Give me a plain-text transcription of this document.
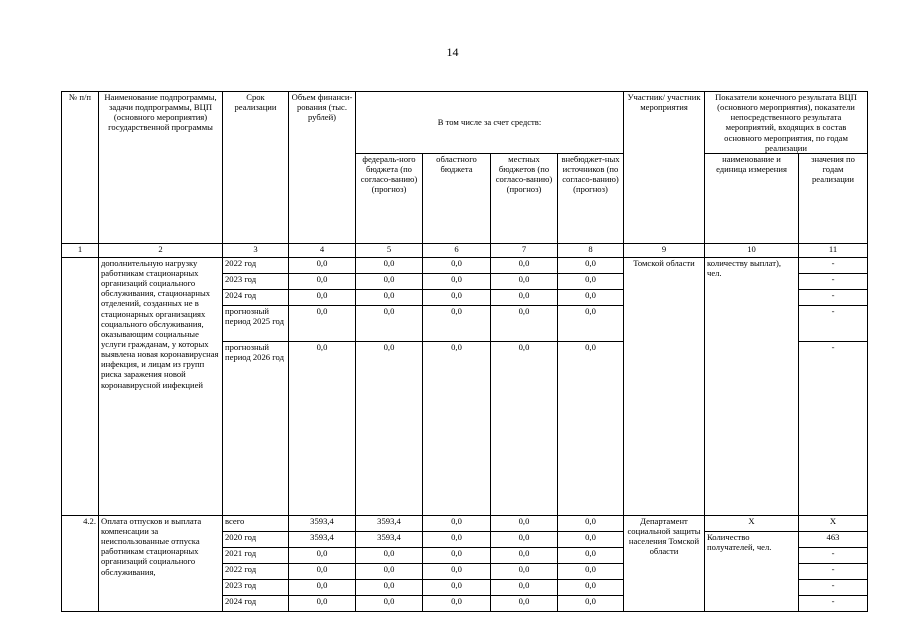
14
№ п/п	Наименование подпрограммы, задачи подпрограммы, ВЦП (основного мероприятия) государственной программы	Срок реализации	Объем финанси-рования (тыс. рублей)	В том числе за счет средств:				Участник/ участник мероприятия	Показатели конечного результата ВЦП (основного мероприятия), показатели непосредственного результата мероприятий, входящих в состав основного мероприятия, по годам реализации	
				федераль-ного бюджета (по согласо-ванию) (прогноз)	областного бюджета	местных бюджетов (по согласо-ванию) (прогноз)	внебюджет-ных источников (по согласо-ванию) (прогноз)		наименование и единица измерения	значения по годам реализации
1	2	3	4	5	6	7	8	9	10	11
	дополнительную нагрузку работникам стационарных организаций социального обслуживания, стационарных отделений, созданных не в стационарных организациях социального обслуживания, оказывающим социальные услуги гражданам, у которых выявлена новая коронавирусная инфекция, и лицам из групп риска заражения новой коронавирусной инфекцией	2022 год	0,0	0,0	0,0	0,0	0,0	Томской области	количеству выплат), чел.	-
		2023 год	0,0	0,0	0,0	0,0	0,0			-
		2024 год	0,0	0,0	0,0	0,0	0,0			-
		прогнозный период 2025 год	0,0	0,0	0,0	0,0	0,0			-
		прогнозный период 2026 год	0,0	0,0	0,0	0,0	0,0			-
4.2.	Оплата отпусков и выплата компенсации за неиспользованные отпуска работникам стационарных организаций социального обслуживания,	всего	3593,4	3593,4	0,0	0,0	0,0	Департамент социальной защиты населения Томской области	X	X
		2020 год	3593,4	3593,4	0,0	0,0	0,0		Количество получателей, чел.	463
		2021 год	0,0	0,0	0,0	0,0	0,0			-
		2022 год	0,0	0,0	0,0	0,0	0,0			-
		2023 год	0,0	0,0	0,0	0,0	0,0			-
		2024 год	0,0	0,0	0,0	0,0	0,0			-
